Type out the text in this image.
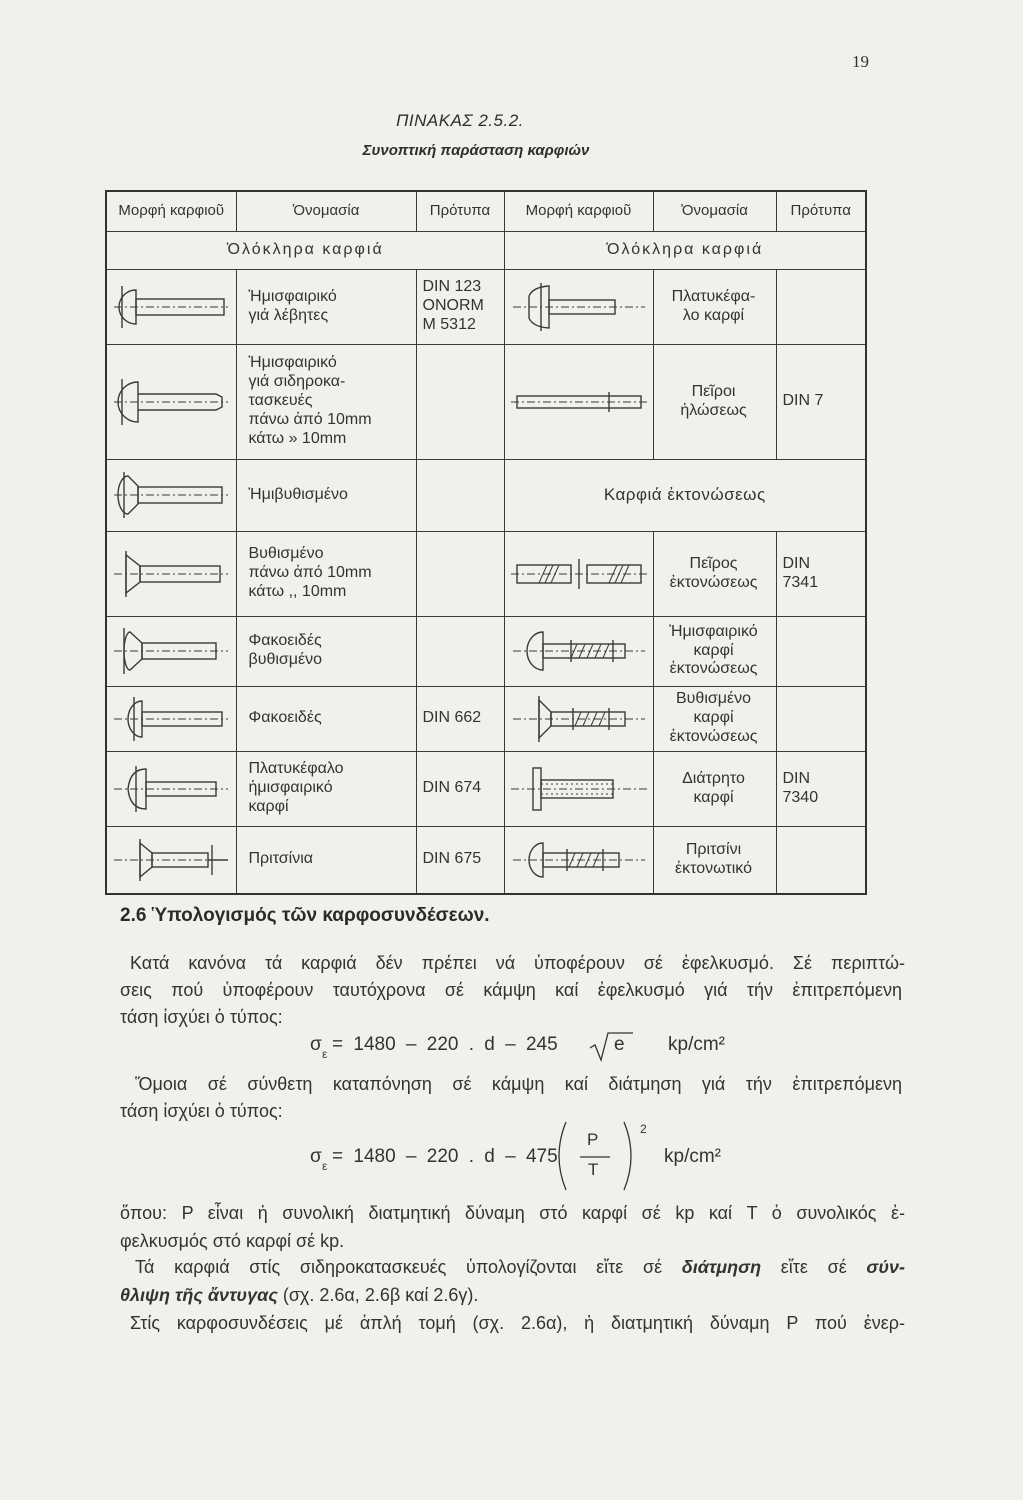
19
ΠΙΝΑΚΑΣ 2.5.2.
Συνοπτική παράσταση καρφιών
Μορφή καρφιοῦ	Ὀνομασία	Πρότυπα	Μορφή καρφιοῦ	Ὀνομασία	Πρότυπα
Ὁλόκληρα καρφιά			Ὁλόκληρα καρφιά		

	Ἡμισφαιρικό
γιά λέβητες	DIN 123
ONORM
M 5312		Πλατυκέφα-
λο καρφί	

	Ἡμισφαιρικό
γιά σιδηροκα-
τασκευές
πάνω ἀπό 10mm
κάτω » 10mm			Πεῖροι
ἡλώσεως	DIN 7

	Ἡμιβυθισμένο		Καρφιά ἐκτονώσεως		

	Βυθισμένο
πάνω ἀπό 10mm
κάτω ,, 10mm			Πεῖρος
ἐκτονώσεως	DIN
7341

	Φακοειδές
βυθισμένο			Ἡμισφαιρικό
καρφί
ἐκτονώσεως	

	Φακοειδές	DIN 662		Βυθισμένο
καρφί
ἐκτονώσεως	

	Πλατυκέφαλο
ἡμισφαιρικό
καρφί	DIN 674		Διάτρητο
καρφί	DIN
7340

	Πριτσίνια	DIN 675		Πριτσίνι
ἐκτονωτικό	
2.6 Ὑπολογισμός τῶν καρφοσυνδέσεων.
Κατά κανόνα τά καρφιά δέν πρέπει νά ὑποφέρουν σέ ἐφελκυσμό. Σέ περιπτώ-
σεις πού ὑποφέρουν ταυτόχρονα σέ κάμψη καί ἐφελκυσμό γιά τήν ἐπιτρεπόμενη
τάση ἰσχύει ὁ τύπος:
σ ε = 1480 – 220 . d – 245	e kp/cm²
Ὅμοια σέ σύνθετη καταπόνηση σέ κάμψη καί διάτμηση γιά τήν ἐπιτρεπόμενη
τάση ἰσχύει ὁ τύπος:
σ ε = 1480 – 220 . d – 475
P
T
2
kp/cm²
ὅπου: P εἶναι ἡ συνολική διατμητική δύναμη στό καρφί σέ kp καί T ὁ συνολικός ἐ-
φελκυσμός στό καρφί σέ kp.
Τά καρφιά στίς σιδηροκατασκευές ὑπολογίζονται εἴτε σέ διάτμηση εἴτε σέ σύν-
θλιψη τῆς ἄντυγας (σχ. 2.6α, 2.6β καί 2.6γ).
Στίς καρφοσυνδέσεις μέ ἁπλή τομή (σχ. 2.6α), ἡ διατμητική δύναμη P πού ἐνερ-
